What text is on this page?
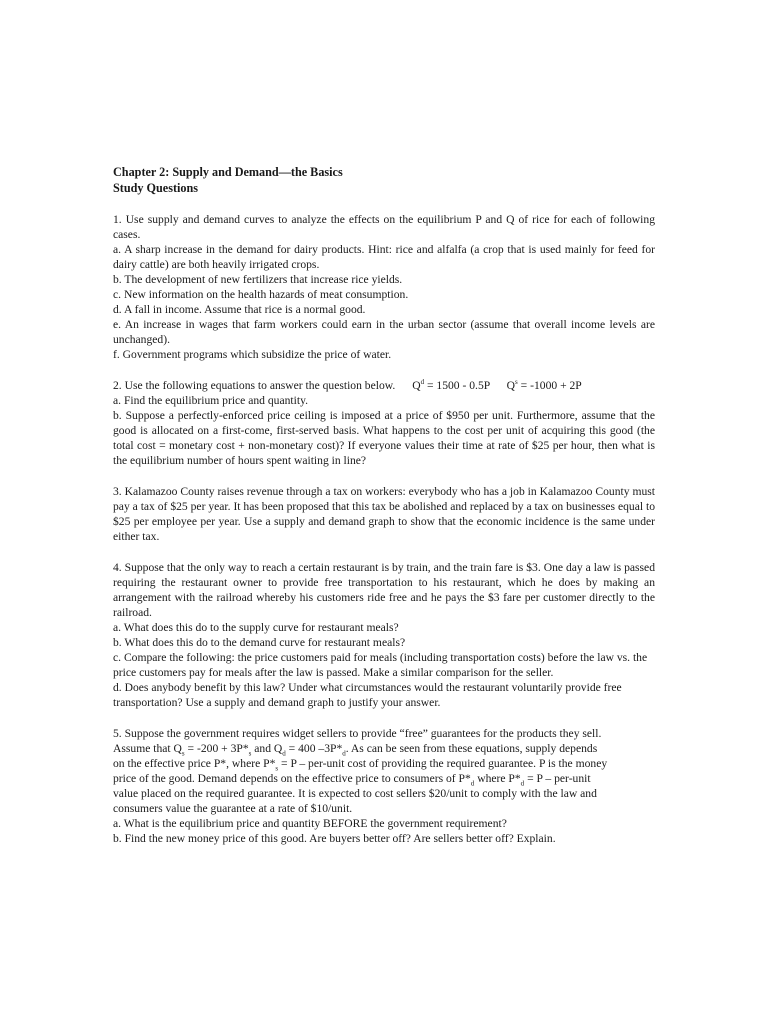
Chapter 2: Supply and Demand—the Basics
Study Questions

1. Use supply and demand curves to analyze the effects on the equilibrium P and Q of rice for each of following cases.

a. A sharp increase in the demand for dairy products. Hint: rice and alfalfa (a crop that is used mainly for feed for dairy cattle) are both heavily irrigated crops.

b. The development of new fertilizers that increase rice yields.

c. New information on the health hazards of meat consumption.

d. A fall in income. Assume that rice is a normal good.

e. An increase in wages that farm workers could earn in the urban sector (assume that overall income levels are unchanged).

f. Government programs which subsidize the price of water.

2. Use the following equations to answer the question below. $Q^d = 1500 - 0.5P$ $Q^s = -1000 + 2P$

a. Find the equilibrium price and quantity.

b. Suppose a perfectly-enforced price ceiling is imposed at a price of $950 per unit. Furthermore, assume that the good is allocated on a first-come, first-served basis. What happens to the cost per unit of acquiring this good (the total cost = monetary cost + non-monetary cost)? If everyone values their time at rate of $25 per hour, then what is the equilibrium number of hours spent waiting in line?

3. Kalamazoo County raises revenue through a tax on workers: everybody who has a job in Kalamazoo County must pay a tax of $25 per year. It has been proposed that this tax be abolished and replaced by a tax on businesses equal to $25 per employee per year. Use a supply and demand graph to show that the economic incidence is the same under either tax.

4. Suppose that the only way to reach a certain restaurant is by train, and the train fare is $3. One day a law is passed requiring the restaurant owner to provide free transportation to his restaurant, which he does by making an arrangement with the railroad whereby his customers ride free and he pays the $3 fare per customer directly to the railroad.

a. What does this do to the supply curve for restaurant meals?

b. What does this do to the demand curve for restaurant meals?

c. Compare the following: the price customers paid for meals (including transportation costs) before the law vs. the price customers pay for meals after the law is passed. Make a similar comparison for the seller.

d. Does anybody benefit by this law? Under what circumstances would the restaurant voluntarily provide free transportation? Use a supply and demand graph to justify your answer.

5. Suppose the government requires widget sellers to provide “free” guarantees for the products they sell.

Assume that $Q_s = -200 + 3P*_s$ and $Q_d = 400$ $-3P*_d$. As can be seen from these equations, supply depends

on the effective price P*, where $P*_s = P$ – per-unit cost of providing the required guarantee. P is the money

price of the good. Demand depends on the effective price to consumers of $P*_d$ where $P*_d = P$ – per-unit

value placed on the required guarantee. It is expected to cost sellers $20/unit to comply with the law and

consumers value the guarantee at a rate of $10/unit.

a. What is the equilibrium price and quantity BEFORE the government requirement?

b. Find the new money price of this good. Are buyers better off? Are sellers better off? Explain.
